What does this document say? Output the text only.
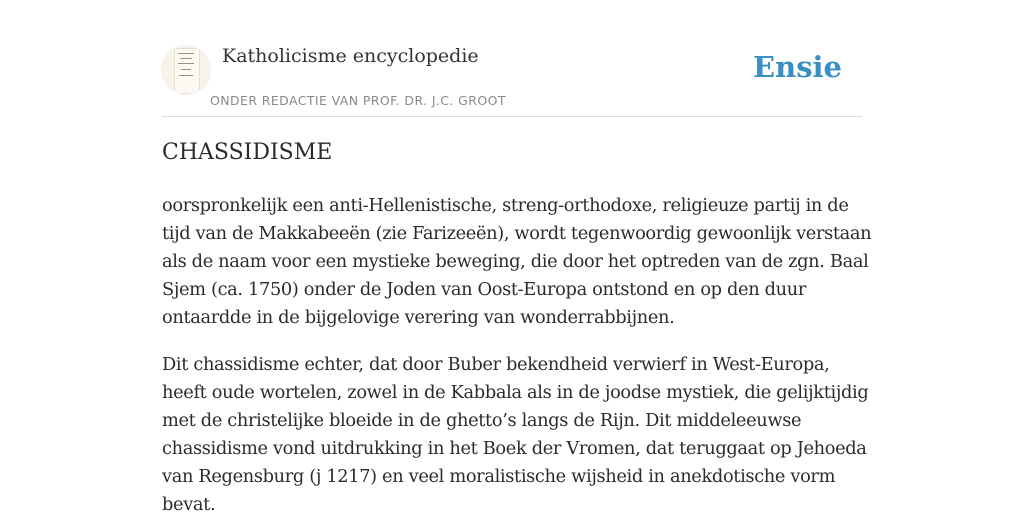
Katholicisme encyclopedie
ONDER REDACTIE VAN PROF. DR. J.C. GROOT
Ensie
CHASSIDISME

oorspronkelijk een anti-Hellenistische, streng-orthodoxe, religieuze partij in de
tijd van de Makkabeeën (zie Farizeeën), wordt tegenwoordig gewoonlijk verstaan
als de naam voor een mystieke beweging, die door het optreden van de zgn. Baal
Sjem (ca. 1750) onder de Joden van Oost-Europa ontstond en op den duur
ontaardde in de bijgelovige verering van wonderrabbijnen.

Dit chassidisme echter, dat door Buber bekendheid verwierf in West-Europa,
heeft oude wortelen, zowel in de Kabbala als in de joodse mystiek, die gelijktijdig
met de christelijke bloeide in de ghetto’s langs de Rijn. Dit middeleeuwse
chassidisme vond uitdrukking in het Boek der Vromen, dat teruggaat op Jehoeda
van Regensburg (j 1217) en veel moralistische wijsheid in anekdotische vorm
bevat.
